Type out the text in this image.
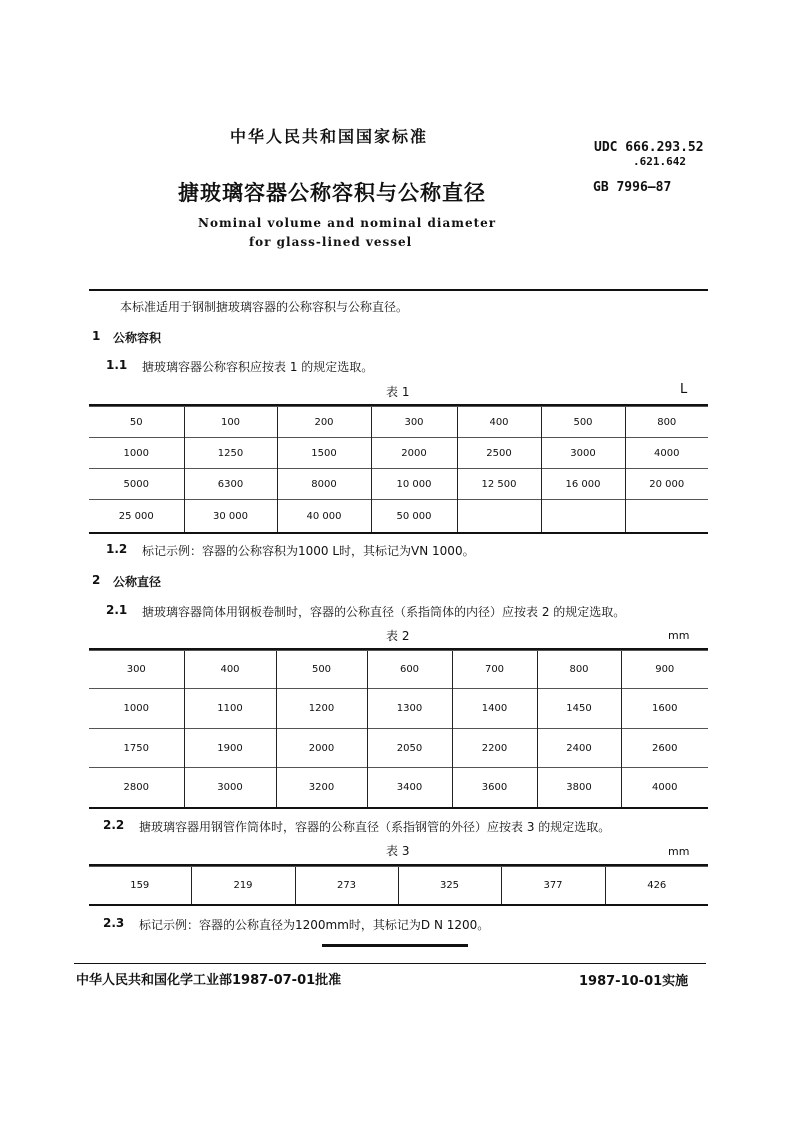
中华人民共和国国家标准
UDC 666.293.52
.621.642
搪玻璃容器公称容积与公称直径	GB 7996—87
Nominal volume and nominal diameter
for glass-lined vessel
本标准适用于钢制搪玻璃容器的公称容积与公称直径。
1 公称容积
1.1 搪玻璃容器公称容积应按表 1 的规定选取。
表 1	L
50	100	200	300	400	500	800
1000	1250	1500	2000	2500	3000	4000
5000	6300	8000	10 000	12 500	16 000	20 000
25 000	30 000	40 000	50 000			
1.2 标记示例：容器的公称容积为1000 L时，其标记为VN 1000。
2 公称直径
2.1 搪玻璃容器筒体用钢板卷制时，容器的公称直径（系指筒体的内径）应按表 2 的规定选取。
表 2	mm
300	400	500	600	700	800	900
1000	1100	1200	1300	1400	1450	1600
1750	1900	2000	2050	2200	2400	2600
2800	3000	3200	3400	3600	3800	4000
2.2 搪玻璃容器用钢管作筒体时，容器的公称直径（系指钢管的外径）应按表 3 的规定选取。
表 3	mm
159	219	273	325	377	426
2.3 标记示例：容器的公称直径为1200mm时，其标记为D N 1200。
中华人民共和国化学工业部1987-07-01批准	1987-10-01实施
